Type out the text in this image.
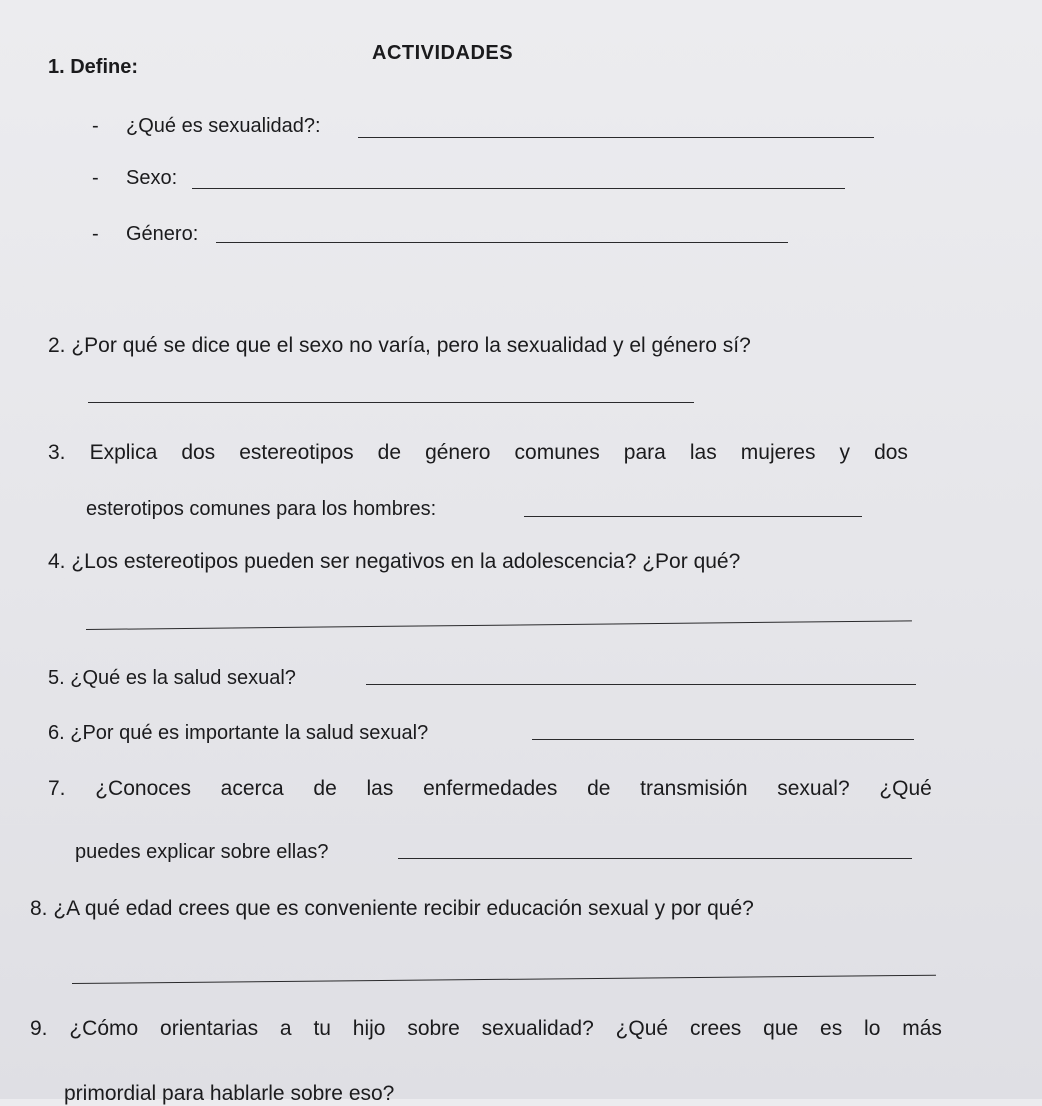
ACTIVIDADES
1. Define:
- ¿Qué es sexualidad?:
- Sexo:
- Género:
2. ¿Por qué se dice que el sexo no varía, pero la sexualidad y el género sí?
3. Explica dos estereotipos de género comunes para las mujeres y dos
esterotipos comunes para los hombres:
4. ¿Los estereotipos pueden ser negativos en la adolescencia? ¿Por qué?
5. ¿Qué es la salud sexual?
6. ¿Por qué es importante la salud sexual?
7. ¿Conoces acerca de las enfermedades de transmisión sexual? ¿Qué
puedes explicar sobre ellas?
8. ¿A qué edad crees que es conveniente recibir educación sexual y por qué?
9. ¿Cómo orientarias a tu hijo sobre sexualidad? ¿Qué crees que es lo más
primordial para hablarle sobre eso?
